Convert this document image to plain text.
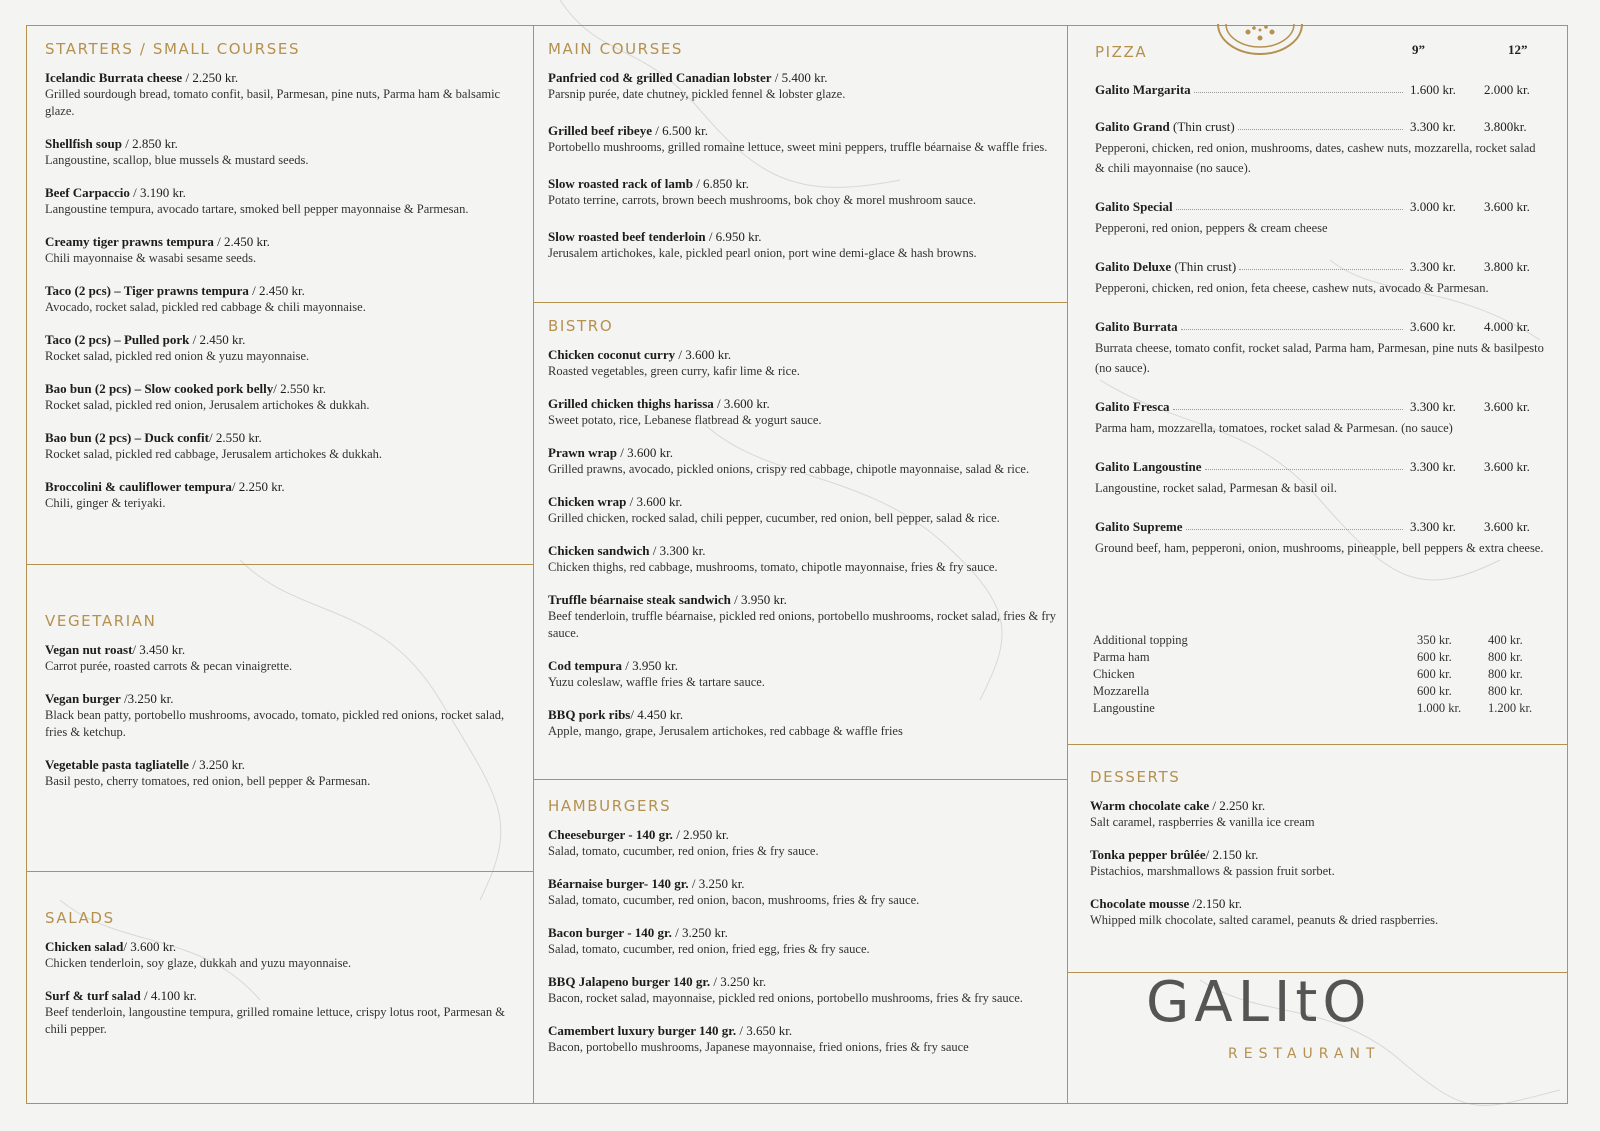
STARTERS / SMALL COURSES
Icelandic Burrata cheese / 2.250 kr.
Grilled sourdough bread, tomato confit, basil, Parmesan, pine nuts, Parma ham & balsamic glaze.
Shellfish soup / 2.850 kr.
Langoustine, scallop, blue mussels & mustard seeds.
Beef Carpaccio / 3.190 kr.
Langoustine tempura, avocado tartare, smoked bell pepper mayonnaise & Parmesan.
Creamy tiger prawns tempura / 2.450 kr.
Chili mayonnaise & wasabi sesame seeds.
Taco (2 pcs) – Tiger prawns tempura / 2.450 kr.
Avocado, rocket salad, pickled red cabbage & chili mayonnaise.
Taco (2 pcs) – Pulled pork / 2.450 kr.
Rocket salad, pickled red onion & yuzu mayonnaise.
Bao bun (2 pcs) – Slow cooked pork belly/ 2.550 kr.
Rocket salad, pickled red onion, Jerusalem artichokes & dukkah.
Bao bun (2 pcs) – Duck confit/ 2.550 kr.
Rocket salad, pickled red cabbage, Jerusalem artichokes & dukkah.
Broccolini & cauliflower tempura/ 2.250 kr.
Chili, ginger & teriyaki.
VEGETARIAN
Vegan nut roast/ 3.450 kr.
Carrot purée, roasted carrots & pecan vinaigrette.
Vegan burger /3.250 kr.
Black bean patty, portobello mushrooms, avocado, tomato, pickled red onions, rocket salad, fries & ketchup.
Vegetable pasta tagliatelle / 3.250 kr.
Basil pesto, cherry tomatoes, red onion, bell pepper & Parmesan.
SALADS
Chicken salad/ 3.600 kr.
Chicken tenderloin, soy glaze, dukkah and yuzu mayonnaise.
Surf & turf salad / 4.100 kr.
Beef tenderloin, langoustine tempura, grilled romaine lettuce, crispy lotus root, Parmesan & chili pepper.
MAIN COURSES
Panfried cod & grilled Canadian lobster / 5.400 kr.
Parsnip purée, date chutney, pickled fennel & lobster glaze.
Grilled beef ribeye / 6.500 kr.
Portobello mushrooms, grilled romaine lettuce, sweet mini peppers, truffle béarnaise & waffle fries.
Slow roasted rack of lamb / 6.850 kr.
Potato terrine, carrots, brown beech mushrooms, bok choy & morel mushroom sauce.
Slow roasted beef tenderloin / 6.950 kr.
Jerusalem artichokes, kale, pickled pearl onion, port wine demi-glace & hash browns.
BISTRO
Chicken coconut curry / 3.600 kr.
Roasted vegetables, green curry, kafir lime & rice.
Grilled chicken thighs harissa / 3.600 kr.
Sweet potato, rice, Lebanese flatbread & yogurt sauce.
Prawn wrap / 3.600 kr.
Grilled prawns, avocado, pickled onions, crispy red cabbage, chipotle mayonnaise, salad & rice.
Chicken wrap / 3.600 kr.
Grilled chicken, rocked salad, chili pepper, cucumber, red onion, bell pepper, salad & rice.
Chicken sandwich / 3.300 kr.
Chicken thighs, red cabbage, mushrooms, tomato, chipotle mayonnaise, fries & fry sauce.
Truffle béarnaise steak sandwich / 3.950 kr.
Beef tenderloin, truffle béarnaise, pickled red onions, portobello mushrooms, rocket salad, fries & fry sauce.
Cod tempura / 3.950 kr.
Yuzu coleslaw, waffle fries & tartare sauce.
BBQ pork ribs/ 4.450 kr.
Apple, mango, grape, Jerusalem artichokes, red cabbage & waffle fries
HAMBURGERS
Cheeseburger - 140 gr. / 2.950 kr.
Salad, tomato, cucumber, red onion, fries & fry sauce.
Béarnaise burger- 140 gr. / 3.250 kr.
Salad, tomato, cucumber, red onion, bacon, mushrooms, fries & fry sauce.
Bacon burger - 140 gr. / 3.250 kr.
Salad, tomato, cucumber, red onion, fried egg, fries & fry sauce.
BBQ Jalapeno burger 140 gr. / 3.250 kr.
Bacon, rocket salad, mayonnaise, pickled red onions, portobello mushrooms, fries & fry sauce.
Camembert luxury burger 140 gr. / 3.650 kr.
Bacon, portobello mushrooms, Japanese mayonnaise, fried onions, fries & fry sauce
PIZZA	9”	12”
Galito Margarita	1.600 kr. 2.000 kr.
Galito Grand (Thin crust)	3.300 kr. 3.800kr.
Pepperoni, chicken, red onion, mushrooms, dates, cashew nuts, mozzarella, rocket salad & chili mayonnaise (no sauce).
Galito Special	3.000 kr. 3.600 kr.
Pepperoni, red onion, peppers & cream cheese
Galito Deluxe (Thin crust)	3.300 kr. 3.800 kr.
Pepperoni, chicken, red onion, feta cheese, cashew nuts, avocado & Parmesan.
Galito Burrata	3.600 kr. 4.000 kr.
Burrata cheese, tomato confit, rocket salad, Parma ham, Parmesan, pine nuts & basilpesto (no sauce).
Galito Fresca	3.300 kr. 3.600 kr.
Parma ham, mozzarella, tomatoes, rocket salad & Parmesan. (no sauce)
Galito Langoustine	3.300 kr. 3.600 kr.
Langoustine, rocket salad, Parmesan & basil oil.
Galito Supreme	3.300 kr. 3.600 kr.
Ground beef, ham, pepperoni, onion, mushrooms, pineapple, bell peppers & extra cheese.
Additional topping	350 kr.	400 kr.
Parma ham	600 kr.	800 kr.
Chicken	600 kr.	800 kr.
Mozzarella	600 kr.	800 kr.
Langoustine	1.000 kr. 1.200 kr.
DESSERTS
Warm chocolate cake / 2.250 kr.
Salt caramel, raspberries & vanilla ice cream
Tonka pepper brûlée/ 2.150 kr.
Pistachios, marshmallows & passion fruit sorbet.
Chocolate mousse /2.150 kr.
Whipped milk chocolate, salted caramel, peanuts & dried raspberries.
GALItO
RESTAURANT
